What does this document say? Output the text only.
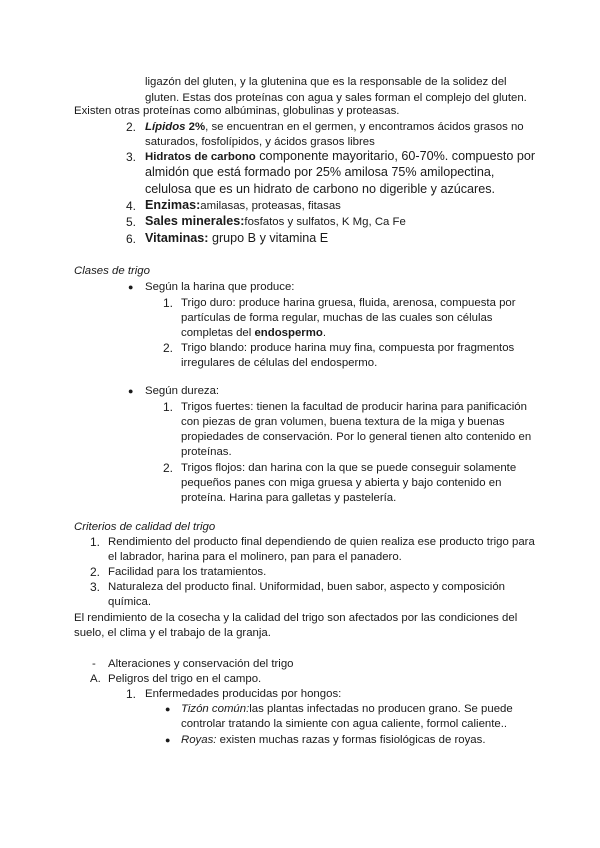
ligazón del gluten, y la glutenina que es la responsable de la solidez del
gluten. Estas dos proteínas con agua y sales forman el complejo del gluten.
Existen otras proteínas como albúminas, globulinas y proteasas.
2. Lípidos 2%, se encuentran en el germen, y encontramos ácidos grasos no
saturados, fosfolípidos, y ácidos grasos libres
3. Hidratos de carbono componente mayoritario, 60-70%. compuesto por
almidón que está formado por 25% amilosa 75% amilopectina,
celulosa que es un hidrato de carbono no digerible y azúcares.
4. Enzimas:amilasas, proteasas, fitasas
5. Sales minerales:fosfatos y sulfatos, K Mg, Ca Fe
6. Vitaminas: grupo B y vitamina E
Clases de trigo
● Según la harina que produce:
1. Trigo duro: produce harina gruesa, fluida, arenosa, compuesta por
partículas de forma regular, muchas de las cuales son células
completas del endospermo.
2. Trigo blando: produce harina muy fina, compuesta por fragmentos
irregulares de células del endospermo.
● Según dureza:
1. Trigos fuertes: tienen la facultad de producir harina para panificación
con piezas de gran volumen, buena textura de la miga y buenas
propiedades de conservación. Por lo general tienen alto contenido en
proteínas.
2. Trigos flojos: dan harina con la que se puede conseguir solamente
pequeños panes con miga gruesa y abierta y bajo contenido en
proteína. Harina para galletas y pastelería.
Criterios de calidad del trigo
1. Rendimiento del producto final dependiendo de quien realiza ese producto trigo para
el labrador, harina para el molinero, pan para el panadero.
2. Facilidad para los tratamientos.
3. Naturaleza del producto final. Uniformidad, buen sabor, aspecto y composición
química.
El rendimiento de la cosecha y la calidad del trigo son afectados por las condiciones del
suelo, el clima y el trabajo de la granja.
- Alteraciones y conservación del trigo
A. Peligros del trigo en el campo.
1. Enfermedades producidas por hongos:
● Tizón común:las plantas infectadas no producen grano. Se puede
controlar tratando la simiente con agua caliente, formol caliente..
● Royas: existen muchas razas y formas fisiológicas de royas.
